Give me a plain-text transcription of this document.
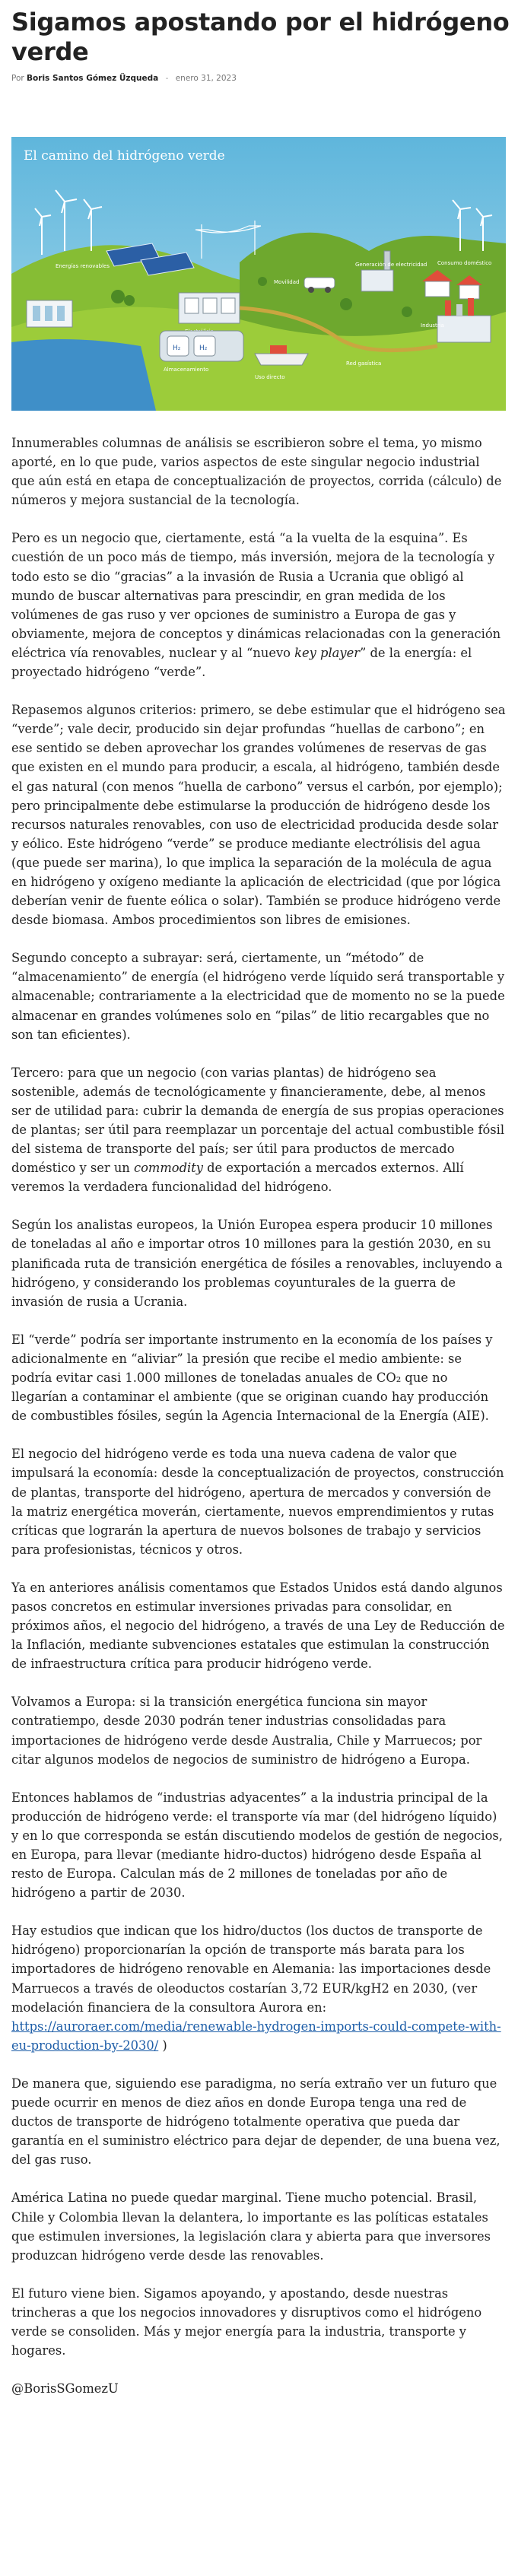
Sigamos apostando por el hidrógeno verde
Por Boris Santos Gómez Üzqueda - enero 31, 2023
El camino del hidrógeno verde
Energías renovables
H₂	H₂
Almacenamiento
Red gasística
Uso directo
Movilidad
Generación de electricidad Consumo doméstico
Industria

Innumerables columnas de análisis se escribieron sobre el tema, yo mismo aporté, en lo que pude, varios aspectos de este singular negocio industrial que aún está en etapa de conceptualización de proyectos, corrida (cálculo) de números y mejora sustancial de la tecnología.

Pero es un negocio que, ciertamente, está “a la vuelta de la esquina”. Es cuestión de un poco más de tiempo, más inversión, mejora de la tecnología y todo esto se dio “gracias” a la invasión de Rusia a Ucrania que obligó al mundo de buscar alternativas para prescindir, en gran medida de los volúmenes de gas ruso y ver opciones de suministro a Europa de gas y obviamente, mejora de conceptos y dinámicas relacionadas con la generación eléctrica vía renovables, nuclear y al “nuevo key player” de la energía: el proyectado hidrógeno “verde”.

Repasemos algunos criterios: primero, se debe estimular que el hidrógeno sea “verde”; vale decir, producido sin dejar profundas “huellas de carbono”; en ese sentido se deben aprovechar los grandes volúmenes de reservas de gas que existen en el mundo para producir, a escala, al hidrógeno, también desde el gas natural (con menos “huella de carbono” versus el carbón, por ejemplo); pero principalmente debe estimularse la producción de hidrógeno desde los recursos naturales renovables, con uso de electricidad producida desde solar y eólico. Este hidrógeno “verde” se produce mediante electrólisis del agua (que puede ser marina), lo que implica la separación de la molécula de agua en hidrógeno y oxígeno mediante la aplicación de electricidad (que por lógica deberían venir de fuente eólica o solar). También se produce hidrógeno verde desde biomasa. Ambos procedimientos son libres de emisiones.

Segundo concepto a subrayar: será, ciertamente, un “método” de “almacenamiento” de energía (el hidrógeno verde líquido será transportable y almacenable; contrariamente a la electricidad que de momento no se la puede almacenar en grandes volúmenes solo en “pilas” de litio recargables que no son tan eficientes).

Tercero: para que un negocio (con varias plantas) de hidrógeno sea sostenible, además de tecnológicamente y financieramente, debe, al menos ser de utilidad para: cubrir la demanda de energía de sus propias operaciones de plantas; ser útil para reemplazar un porcentaje del actual combustible fósil del sistema de transporte del país; ser útil para productos de mercado doméstico y ser un commodity de exportación a mercados externos. Allí veremos la verdadera funcionalidad del hidrógeno.

Según los analistas europeos, la Unión Europea espera producir 10 millones de toneladas al año e importar otros 10 millones para la gestión 2030, en su planificada ruta de transición energética de fósiles a renovables, incluyendo a hidrógeno, y considerando los problemas coyunturales de la guerra de invasión de rusia a Ucrania.

El “verde” podría ser importante instrumento en la economía de los países y adicionalmente en “aliviar” la presión que recibe el medio ambiente: se podría evitar casi 1.000 millones de toneladas anuales de CO₂ que no llegarían a contaminar el ambiente (que se originan cuando hay producción de combustibles fósiles, según la Agencia Internacional de la Energía (AIE).

El negocio del hidrógeno verde es toda una nueva cadena de valor que impulsará la economía: desde la conceptualización de proyectos, construcción de plantas, transporte del hidrógeno, apertura de mercados y conversión de la matriz energética moverán, ciertamente, nuevos emprendimientos y rutas críticas que lograrán la apertura de nuevos bolsones de trabajo y servicios para profesionistas, técnicos y otros.

Ya en anteriores análisis comentamos que Estados Unidos está dando algunos pasos concretos en estimular inversiones privadas para consolidar, en próximos años, el negocio del hidrógeno, a través de una Ley de Reducción de la Inflación, mediante subvenciones estatales que estimulan la construcción de infraestructura crítica para producir hidrógeno verde.

Volvamos a Europa: si la transición energética funciona sin mayor contratiempo, desde 2030 podrán tener industrias consolidadas para importaciones de hidrógeno verde desde Australia, Chile y Marruecos; por citar algunos modelos de negocios de suministro de hidrógeno a Europa.

Entonces hablamos de “industrias adyacentes” a la industria principal de la producción de hidrógeno verde: el transporte vía mar (del hidrógeno líquido) y en lo que corresponda se están discutiendo modelos de gestión de negocios, en Europa, para llevar (mediante hidro-ductos) hidrógeno desde España al resto de Europa. Calculan más de 2 millones de toneladas por año de hidrógeno a partir de 2030.

Hay estudios que indican que los hidro/ductos (los ductos de transporte de hidrógeno) proporcionarían la opción de transporte más barata para los importadores de hidrógeno renovable en Alemania: las importaciones desde Marruecos a través de oleoductos costarían 3,72 EUR/kgH2 en 2030, (ver modelación financiera de la consultora Aurora en: https://auroraer.com/media/renewable-hydrogen-imports-could-compete-with-eu-production-by-2030/ )

De manera que, siguiendo ese paradigma, no sería extraño ver un futuro que puede ocurrir en menos de diez años en donde Europa tenga una red de ductos de transporte de hidrógeno totalmente operativa que pueda dar garantía en el suministro eléctrico para dejar de depender, de una buena vez, del gas ruso.

América Latina no puede quedar marginal. Tiene mucho potencial. Brasil, Chile y Colombia llevan la delantera, lo importante es las políticas estatales que estimulen inversiones, la legislación clara y abierta para que inversores produzcan hidrógeno verde desde las renovables.

El futuro viene bien. Sigamos apoyando, y apostando, desde nuestras trincheras a que los negocios innovadores y disruptivos como el hidrógeno verde se consoliden. Más y mejor energía para la industria, transporte y hogares.

@BorisSGomezU
